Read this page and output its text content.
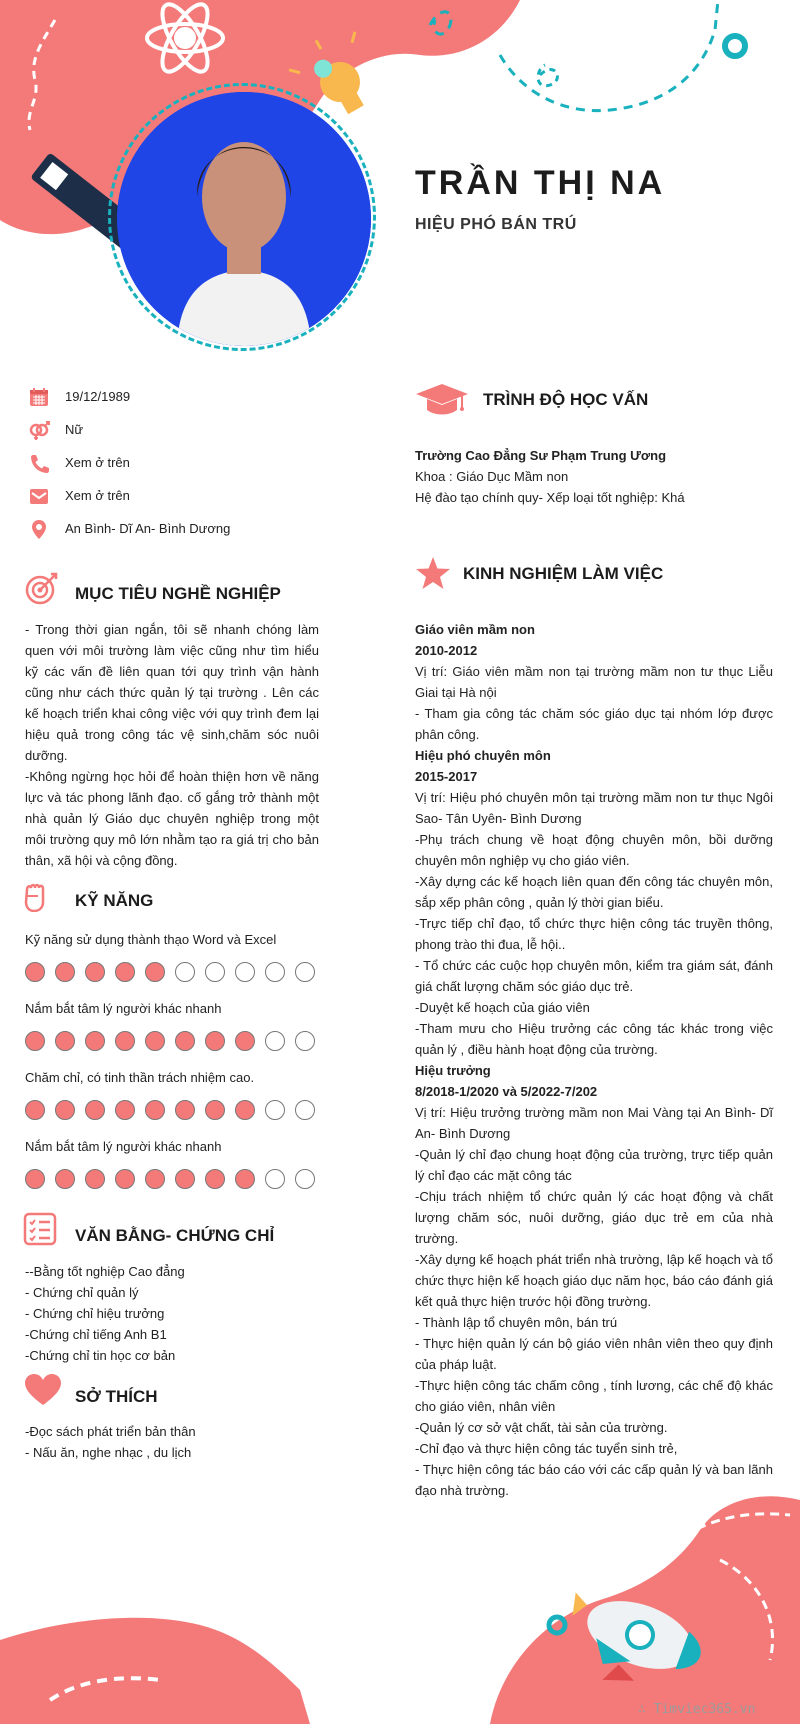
TRẦN THỊ NA
HIỆU PHÓ BÁN TRÚ
19/12/1989
Nữ
Xem ở trên
Xem ở trên
An Bình- Dĩ An- Bình Dương
MỤC TIÊU NGHỀ NGHIỆP

- Trong thời gian ngắn, tôi sẽ nhanh chóng làm quen với môi trường làm việc cũng như tìm hiểu kỹ các vấn đề liên quan tới quy trình vận hành cũng như cách thức quản lý tại trường . Lên các kế hoạch triển khai công việc với quy trình đem lại hiệu quả trong công tác vệ sinh,chăm sóc nuôi dưỡng.

-Không ngừng học hỏi để hoàn thiện hơn về năng lực và tác phong lãnh đạo. cố gắng trở thành một nhà quản lý Giáo dục chuyên nghiệp trong một môi trường quy mô lớn nhằm tạo ra giá trị cho bản thân, xã hội và cộng đồng.

KỸ NĂNG
Kỹ năng sử dụng thành thạo Word và Excel
Nắm bắt tâm lý người khác nhanh
Chăm chỉ, có tinh thần trách nhiệm cao.
Nắm bắt tâm lý người khác nhanh
VĂN BẰNG- CHỨNG CHỈ
--Bằng tốt nghiệp Cao đẳng
- Chứng chỉ quản lý
- Chứng chỉ hiệu trưởng
-Chứng chỉ tiếng Anh B1
-Chứng chỉ tin học cơ bản
SỞ THÍCH
-Đọc sách phát triển bản thân
- Nấu ăn, nghe nhạc , du lịch
TRÌNH ĐỘ HỌC VẤN
Trường Cao Đẳng Sư Phạm Trung Ương
Khoa : Giáo Dục Mầm non
Hệ đào tạo chính quy- Xếp loại tốt nghiệp: Khá
KINH NGHIỆM LÀM VIỆC
Giáo viên mầm non
2010-2012
Vị trí: Giáo viên mầm non tại trường mầm non tư thục Liễu Giai tại Hà nội
- Tham gia công tác chăm sóc giáo dục tại nhóm lớp được phân công.
Hiệu phó chuyên môn
2015-2017
Vị trí: Hiệu phó chuyên môn tại trường mầm non tư thục Ngôi Sao- Tân Uyên- Bình Dương
-Phụ trách chung về hoạt động chuyên môn, bồi dưỡng chuyên môn nghiệp vụ cho giáo viên.
-Xây dựng các kế hoạch liên quan đến công tác chuyên môn, sắp xếp phân công , quản lý thời gian biểu.
-Trực tiếp chỉ đạo, tổ chức thực hiện công tác truyền thông, phong trào thi đua, lễ hội..
- Tổ chức các cuộc họp chuyên môn, kiểm tra giám sát, đánh giá chất lượng chăm sóc giáo dục trẻ.
-Duyệt kế hoạch của giáo viên
-Tham mưu cho Hiệu trưởng các công tác khác trong việc quản lý , điều hành hoạt động của trường.
Hiệu trưởng
8/2018-1/2020 và 5/2022-7/202
Vị trí: Hiệu trưởng trường mầm non Mai Vàng tại An Bình- Dĩ An- Bình Dương
-Quản lý chỉ đạo chung hoạt động của trường, trực tiếp quản lý chỉ đạo các mặt công tác
-Chịu trách nhiệm tổ chức quản lý các hoạt động và chất lượng chăm sóc, nuôi dưỡng, giáo dục trẻ em của nhà trường.
-Xây dựng kế hoạch phát triển nhà trường, lập kế hoạch và tổ chức thực hiện kế hoạch giáo dục năm học, báo cáo đánh giá kết quả thực hiện trước hội đồng trường.
- Thành lập tổ chuyên môn, bán trú
- Thực hiện quản lý cán bộ giáo viên nhân viên theo quy định của pháp luật.
-Thực hiện công tác chấm công , tính lương, các chế độ khác cho giáo viên, nhân viên
-Quản lý cơ sở vật chất, tài sản của trường.
-Chỉ đạo và thực hiện công tác tuyển sinh trẻ,
- Thực hiện công tác báo cáo với các cấp quản lý và ban lãnh đạo nhà trường.
∴ Timviec365.vn
